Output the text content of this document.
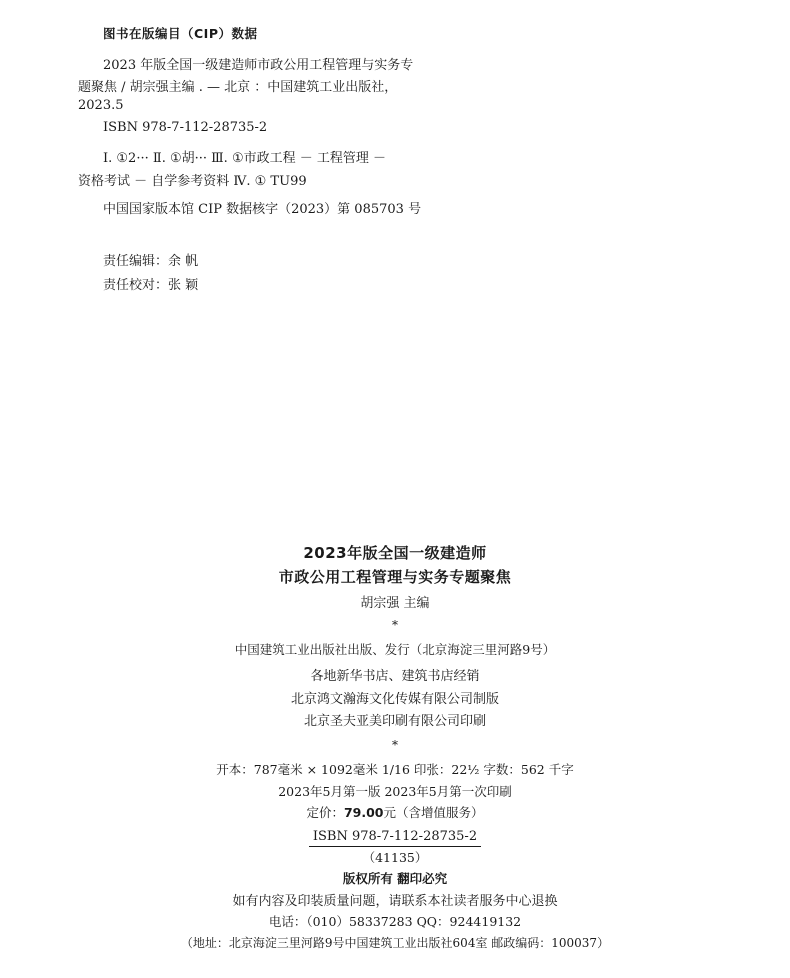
图书在版编目（CIP）数据
2023 年版全国一级建造师市政公用工程管理与实务专
题聚焦 / 胡宗强主编 . — 北京 ：中国建筑工业出版社，
2023.5
ISBN 978-7-112-28735-2
Ⅰ. ①2··· Ⅱ. ①胡··· Ⅲ. ①市政工程 － 工程管理 －
资格考试 － 自学参考资料 Ⅳ. ① TU99
中国国家版本馆 CIP 数据核字（2023）第 085703 号
责任编辑：余 帆
责任校对：张 颖
2023年版全国一级建造师
市政公用工程管理与实务专题聚焦
胡宗强 主编
*
中国建筑工业出版社出版、发行（北京海淀三里河路9号）
各地新华书店、建筑书店经销
北京鸿文瀚海文化传媒有限公司制版
北京圣夫亚美印刷有限公司印刷
*
开本：787毫米 × 1092毫米 1/16 印张：22½ 字数：562 千字
2023年5月第一版 2023年5月第一次印刷
定价：79.00元（含增值服务）
ISBN 978-7-112-28735-2
（41135）
版权所有 翻印必究
如有内容及印装质量问题，请联系本社读者服务中心退换
电话：（010）58337283 QQ：924419132
（地址：北京海淀三里河路9号中国建筑工业出版社604室 邮政编码：100037）
